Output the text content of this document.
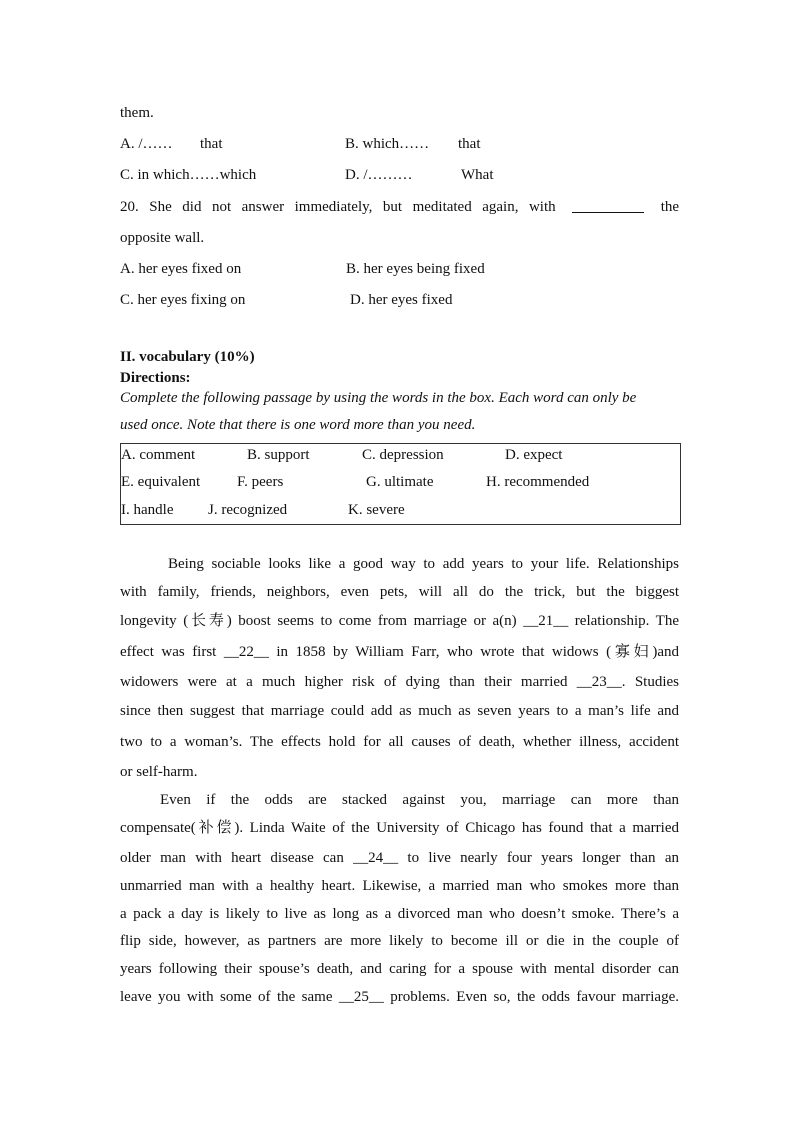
them.
A. /…… that	B. which…… that
C. in which……which	D. /………	What
20. She did not answer immediately, but meditated again, with	the
opposite wall.
A. her eyes fixed on	B. her eyes being fixed
C. her eyes fixing on	D. her eyes fixed
II. vocabulary (10%)
Directions:
Complete the following passage by using the words in the box. Each word can only be
used once. Note that there is one word more than you need.
A. comment	B. support	C. depression	D. expect
E. equivalent F. peers	G. ultimate	H. recommended
I. handle J. recognized	K. severe
Being sociable looks like a good way to add years to your life. Relationships
with family, friends, neighbors, even pets, will all do the trick, but the biggest
longevity (长寿) boost seems to come from marriage or a(n) __21__ relationship. The
effect was first __22__ in 1858 by William Farr, who wrote that widows (寡妇)and
widowers were at a much higher risk of dying than their married __23__. Studies
since then suggest that marriage could add as much as seven years to a man’s life and
two to a woman’s. The effects hold for all causes of death, whether illness, accident
or self-harm.
Even if the odds are stacked against you, marriage can more than
compensate(补偿). Linda Waite of the University of Chicago has found that a married
older man with heart disease can __24__ to live nearly four years longer than an
unmarried man with a healthy heart. Likewise, a married man who smokes more than
a pack a day is likely to live as long as a divorced man who doesn’t smoke. There’s a
flip side, however, as partners are more likely to become ill or die in the couple of
years following their spouse’s death, and caring for a spouse with mental disorder can
leave you with some of the same __25__ problems. Even so, the odds favour marriage.
